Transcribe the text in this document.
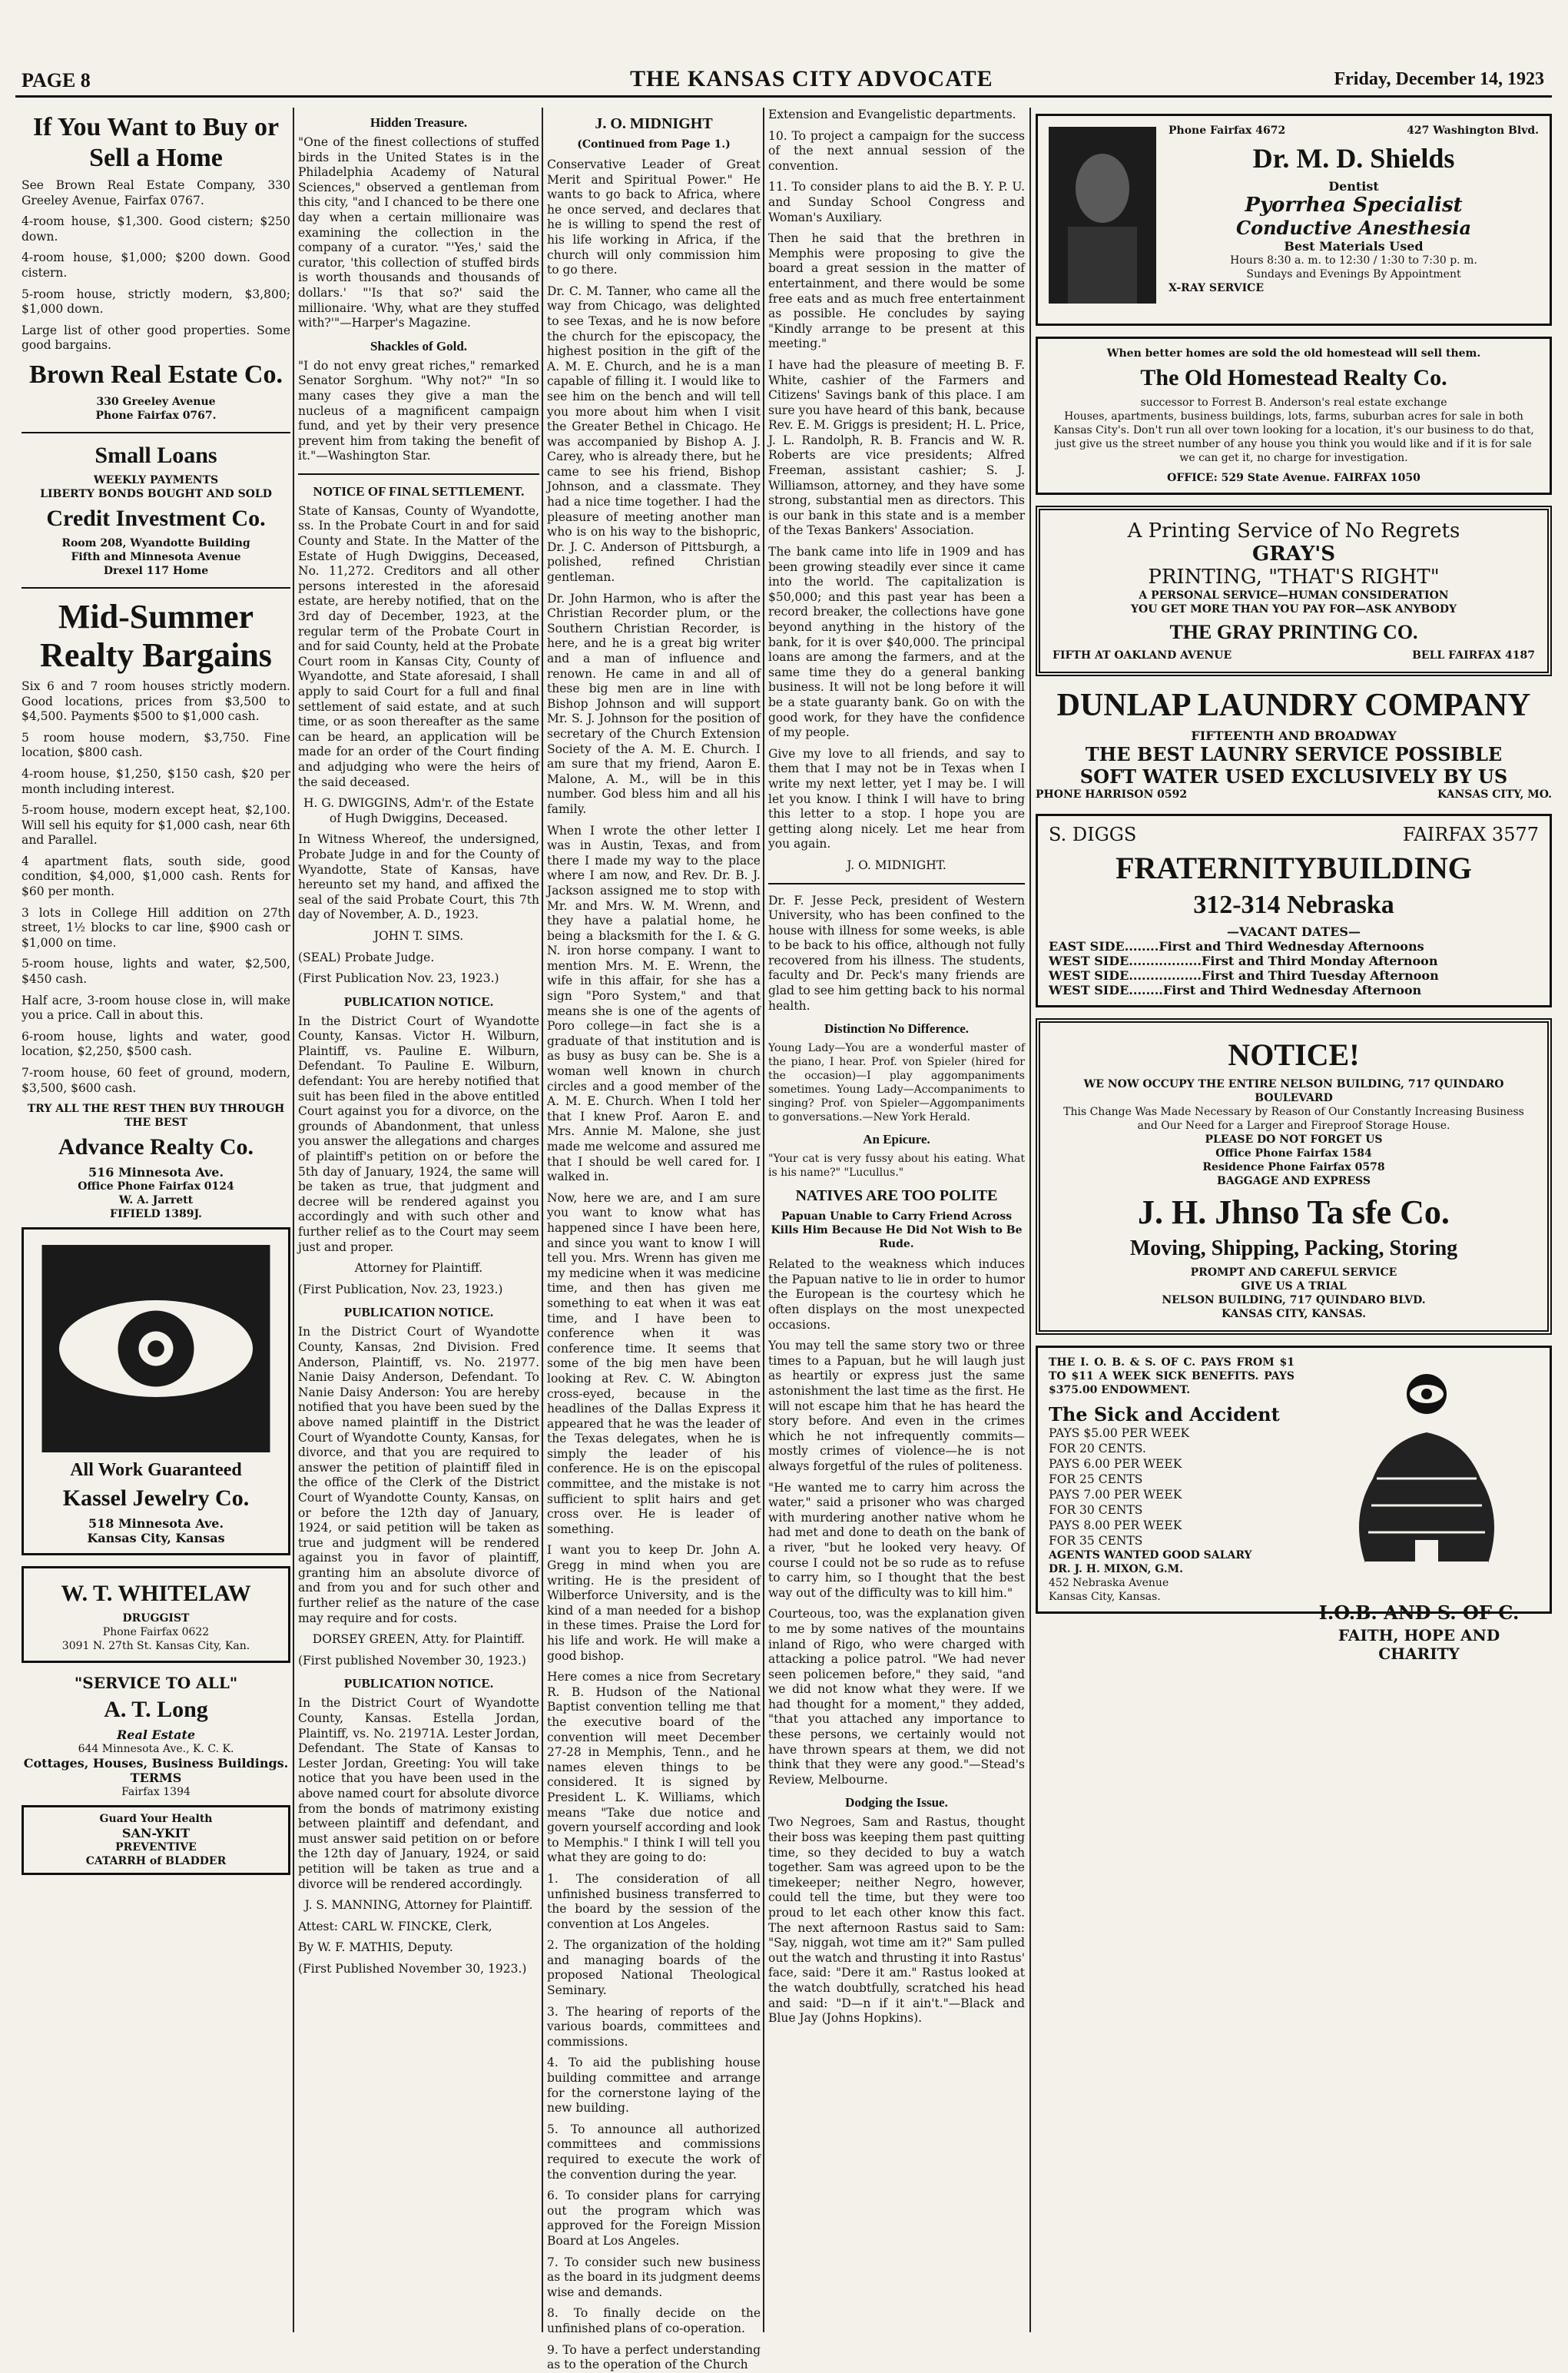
PAGE 8	THE KANSAS CITY ADVOCATE	Friday, December 14, 1923
If You Want to Buy or Sell a Home

See Brown Real Estate Company, 330 Greeley Avenue, Fairfax 0767.

4-room house, $1,300. Good cistern; $250 down.

4-room house, $1,000; $200 down. Good cistern.

5-room house, strictly modern, $3,800; $1,000 down.

Large list of other good properties. Some good bargains.

Brown Real Estate Co.
330 Greeley Avenue
Phone Fairfax 0767.
Small Loans
WEEKLY PAYMENTS
LIBERTY BONDS BOUGHT AND SOLD
Credit Investment Co.
Room 208, Wyandotte Building
Fifth and Minnesota Avenue
Drexel 117 Home
Mid-Summer Realty Bargains

Six 6 and 7 room houses strictly modern. Good locations, prices from $3,500 to $4,500. Payments $500 to $1,000 cash.

5 room house modern, $3,750. Fine location, $800 cash.

4-room house, $1,250, $150 cash, $20 per month including interest.

5-room house, modern except heat, $2,100. Will sell his equity for $1,000 cash, near 6th and Parallel.

4 apartment flats, south side, good condition, $4,000, $1,000 cash. Rents for $60 per month.

3 lots in College Hill addition on 27th street, 1½ blocks to car line, $900 cash or $1,000 on time.

5-room house, lights and water, $2,500, $450 cash.

Half acre, 3-room house close in, will make you a price. Call in about this.

6-room house, lights and water, good location, $2,250, $500 cash.

7-room house, 60 feet of ground, modern, $3,500, $600 cash.

TRY ALL THE REST THEN BUY THROUGH THE BEST
Advance Realty Co.
516 Minnesota Ave.
Office Phone Fairfax 0124
W. A. Jarrett
FIFIELD 1389J.
All Work Guaranteed
Kassel Jewelry Co.
518 Minnesota Ave.
Kansas City, Kansas
W. T. WHITELAW
DRUGGIST
Phone Fairfax 0622
3091 N. 27th St. Kansas City, Kan.
"SERVICE TO ALL"
A. T. Long
Real Estate
644 Minnesota Ave., K. C. K.
Cottages, Houses, Business Buildings. TERMS
Fairfax 1394
Guard Your Health
SAN-YKIT
PREVENTIVE
CATARRH of BLADDER
Hidden Treasure.

"One of the finest collections of stuffed birds in the United States is in the Philadelphia Academy of Natural Sciences," observed a gentleman from this city, "and I chanced to be there one day when a certain millionaire was examining the collection in the company of a curator. "'Yes,' said the curator, 'this collection of stuffed birds is worth thousands and thousands of dollars.' "'Is that so?' said the millionaire. 'Why, what are they stuffed with?'"—Harper's Magazine.

Shackles of Gold.

"I do not envy great riches," remarked Senator Sorghum. "Why not?" "In so many cases they give a man the nucleus of a magnificent campaign fund, and yet by their very presence prevent him from taking the benefit of it."—Washington Star.

NOTICE OF FINAL SETTLEMENT.

State of Kansas, County of Wyandotte, ss. In the Probate Court in and for said County and State. In the Matter of the Estate of Hugh Dwiggins, Deceased, No. 11,272. Creditors and all other persons interested in the aforesaid estate, are hereby notified, that on the 3rd day of December, 1923, at the regular term of the Probate Court in and for said County, held at the Probate Court room in Kansas City, County of Wyandotte, and State aforesaid, I shall apply to said Court for a full and final settlement of said estate, and at such time, or as soon thereafter as the same can be heard, an application will be made for an order of the Court finding and adjudging who were the heirs of the said deceased.

H. G. DWIGGINS, Adm'r. of the Estate of Hugh Dwiggins, Deceased.

In Witness Whereof, the undersigned, Probate Judge in and for the County of Wyandotte, State of Kansas, have hereunto set my hand, and affixed the seal of the said Probate Court, this 7th day of November, A. D., 1923.

JOHN T. SIMS.

(SEAL) Probate Judge.

(First Publication Nov. 23, 1923.)

PUBLICATION NOTICE.

In the District Court of Wyandotte County, Kansas. Victor H. Wilburn, Plaintiff, vs. Pauline E. Wilburn, Defendant. To Pauline E. Wilburn, defendant: You are hereby notified that suit has been filed in the above entitled Court against you for a divorce, on the grounds of Abandonment, that unless you answer the allegations and charges of plaintiff's petition on or before the 5th day of January, 1924, the same will be taken as true, that judgment and decree will be rendered against you accordingly and with such other and further relief as to the Court may seem just and proper.

Attorney for Plaintiff.

(First Publication, Nov. 23, 1923.)

PUBLICATION NOTICE.

In the District Court of Wyandotte County, Kansas, 2nd Division. Fred Anderson, Plaintiff, vs. No. 21977. Nanie Daisy Anderson, Defendant. To Nanie Daisy Anderson: You are hereby notified that you have been sued by the above named plaintiff in the District Court of Wyandotte County, Kansas, for divorce, and that you are required to answer the petition of plaintiff filed in the office of the Clerk of the District Court of Wyandotte County, Kansas, on or before the 12th day of January, 1924, or said petition will be taken as true and judgment will be rendered against you in favor of plaintiff, granting him an absolute divorce of and from you and for such other and further relief as the nature of the case may require and for costs.

DORSEY GREEN, Atty. for Plaintiff.

(First published November 30, 1923.)

PUBLICATION NOTICE.

In the District Court of Wyandotte County, Kansas. Estella Jordan, Plaintiff, vs. No. 21971A. Lester Jordan, Defendant. The State of Kansas to Lester Jordan, Greeting: You will take notice that you have been used in the above named court for absolute divorce from the bonds of matrimony existing between plaintiff and defendant, and must answer said petition on or before the 12th day of January, 1924, or said petition will be taken as true and a divorce will be rendered accordingly.

J. S. MANNING, Attorney for Plaintiff.

Attest: CARL W. FINCKE, Clerk,

By W. F. MATHIS, Deputy.

(First Published November 30, 1923.)

J. O. MIDNIGHT
(Continued from Page 1.)

Conservative Leader of Great Merit and Spiritual Power." He wants to go back to Africa, where he once served, and declares that he is willing to spend the rest of his life working in Africa, if the church will only commission him to go there.

Dr. C. M. Tanner, who came all the way from Chicago, was delighted to see Texas, and he is now before the church for the episcopacy, the highest position in the gift of the A. M. E. Church, and he is a man capable of filling it. I would like to see him on the bench and will tell you more about him when I visit the Greater Bethel in Chicago. He was accompanied by Bishop A. J. Carey, who is already there, but he came to see his friend, Bishop Johnson, and a classmate. They had a nice time together. I had the pleasure of meeting another man who is on his way to the bishopric, Dr. J. C. Anderson of Pittsburgh, a polished, refined Christian gentleman.

Dr. John Harmon, who is after the Christian Recorder plum, or the Southern Christian Recorder, is here, and he is a great big writer and a man of influence and renown. He came in and all of these big men are in line with Bishop Johnson and will support Mr. S. J. Johnson for the position of secretary of the Church Extension Society of the A. M. E. Church. I am sure that my friend, Aaron E. Malone, A. M., will be in this number. God bless him and all his family.

When I wrote the other letter I was in Austin, Texas, and from there I made my way to the place where I am now, and Rev. Dr. B. J. Jackson assigned me to stop with Mr. and Mrs. W. M. Wrenn, and they have a palatial home, he being a blacksmith for the I. & G. N. iron horse company. I want to mention Mrs. M. E. Wrenn, the wife in this affair, for she has a sign "Poro System," and that means she is one of the agents of Poro college—in fact she is a graduate of that institution and is as busy as busy can be. She is a woman well known in church circles and a good member of the A. M. E. Church. When I told her that I knew Prof. Aaron E. and Mrs. Annie M. Malone, she just made me welcome and assured me that I should be well cared for. I walked in.

Now, here we are, and I am sure you want to know what has happened since I have been here, and since you want to know I will tell you. Mrs. Wrenn has given me my medicine when it was medicine time, and then has given me something to eat when it was eat time, and I have been to conference when it was conference time. It seems that some of the big men have been looking at Rev. C. W. Abington cross-eyed, because in the headlines of the Dallas Express it appeared that he was the leader of the Texas delegates, when he is simply the leader of his conference. He is on the episcopal committee, and the mistake is not sufficient to split hairs and get cross over. He is leader of something.

I want you to keep Dr. John A. Gregg in mind when you are writing. He is the president of Wilberforce University, and is the kind of a man needed for a bishop in these times. Praise the Lord for his life and work. He will make a good bishop.

Here comes a nice from Secretary R. B. Hudson of the National Baptist convention telling me that the executive board of the convention will meet December 27-28 in Memphis, Tenn., and he names eleven things to be considered. It is signed by President L. K. Williams, which means "Take due notice and govern yourself according and look to Memphis." I think I will tell you what they are going to do:

1. The consideration of all unfinished business transferred to the board by the session of the convention at Los Angeles.

2. The organization of the holding and managing boards of the proposed National Theological Seminary.

3. The hearing of reports of the various boards, committees and commissions.

4. To aid the publishing house building committee and arrange for the cornerstone laying of the new building.

5. To announce all authorized committees and commissions required to execute the work of the convention during the year.

6. To consider plans for carrying out the program which was approved for the Foreign Mission Board at Los Angeles.

7. To consider such new business as the board in its judgment deems wise and demands.

8. To finally decide on the unfinished plans of co-operation.

9. To have a perfect understanding as to the operation of the Church

Extension and Evangelistic departments.

10. To project a campaign for the success of the next annual session of the convention.

11. To consider plans to aid the B. Y. P. U. and Sunday School Congress and Woman's Auxiliary.

Then he said that the brethren in Memphis were proposing to give the board a great session in the matter of entertainment, and there would be some free eats and as much free entertainment as possible. He concludes by saying "Kindly arrange to be present at this meeting."

I have had the pleasure of meeting B. F. White, cashier of the Farmers and Citizens' Savings bank of this place. I am sure you have heard of this bank, because Rev. E. M. Griggs is president; H. L. Price, J. L. Randolph, R. B. Francis and W. R. Roberts are vice presidents; Alfred Freeman, assistant cashier; S. J. Williamson, attorney, and they have some strong, substantial men as directors. This is our bank in this state and is a member of the Texas Bankers' Association.

The bank came into life in 1909 and has been growing steadily ever since it came into the world. The capitalization is $50,000; and this past year has been a record breaker, the collections have gone beyond anything in the history of the bank, for it is over $40,000. The principal loans are among the farmers, and at the same time they do a general banking business. It will not be long before it will be a state guaranty bank. Go on with the good work, for they have the confidence of my people.

Give my love to all friends, and say to them that I may not be in Texas when I write my next letter, yet I may be. I will let you know. I think I will have to bring this letter to a stop. I hope you are getting along nicely. Let me hear from you again.

J. O. MIDNIGHT.

Dr. F. Jesse Peck, president of Western University, who has been confined to the house with illness for some weeks, is able to be back to his office, although not fully recovered from his illness. The students, faculty and Dr. Peck's many friends are glad to see him getting back to his normal health.

Distinction No Difference.

Young Lady—You are a wonderful master of the piano, I hear. Prof. von Spieler (hired for the occasion)—I play aggompaniments sometimes. Young Lady—Accompaniments to singing? Prof. von Spieler—Aggompaniments to gonversations.—New York Herald.

An Epicure.

"Your cat is very fussy about his eating. What is his name?" "Lucullus."

NATIVES ARE TOO POLITE
Papuan Unable to Carry Friend Across Kills Him Because He Did Not Wish to Be Rude.

Related to the weakness which induces the Papuan native to lie in order to humor the European is the courtesy which he often displays on the most unexpected occasions.

You may tell the same story two or three times to a Papuan, but he will laugh just as heartily or express just the same astonishment the last time as the first. He will not escape him that he has heard the story before. And even in the crimes which he not infrequently commits—mostly crimes of violence—he is not always forgetful of the rules of politeness.

"He wanted me to carry him across the water," said a prisoner who was charged with murdering another native whom he had met and done to death on the bank of a river, "but he looked very heavy. Of course I could not be so rude as to refuse to carry him, so I thought that the best way out of the difficulty was to kill him."

Courteous, too, was the explanation given to me by some natives of the mountains inland of Rigo, who were charged with attacking a police patrol. "We had never seen policemen before," they said, "and we did not know what they were. If we had thought for a moment," they added, "that you attached any importance to these persons, we certainly would not have thrown spears at them, we did not think that they were any good."—Stead's Review, Melbourne.

Dodging the Issue.

Two Negroes, Sam and Rastus, thought their boss was keeping them past quitting time, so they decided to buy a watch together. Sam was agreed upon to be the timekeeper; neither Negro, however, could tell the time, but they were too proud to let each other know this fact. The next afternoon Rastus said to Sam: "Say, niggah, wot time am it?" Sam pulled out the watch and thrusting it into Rastus' face, said: "Dere it am." Rastus looked at the watch doubtfully, scratched his head and said: "D—n if it ain't."—Black and Blue Jay (Johns Hopkins).

Phone Fairfax 4672	427 Washington Blvd.
Dr. M. D. Shields
Dentist
Pyorrhea Specialist
Conductive Anesthesia
Best Materials Used
Hours 8:30 a. m. to 12:30 / 1:30 to 7:30 p. m.
Sundays and Evenings By Appointment
X-RAY SERVICE
When better homes are sold the old homestead will sell them.
The Old Homestead Realty Co.
successor to Forrest B. Anderson's real estate exchange

Houses, apartments, business buildings, lots, farms, suburban acres for sale in both Kansas City's. Don't run all over town looking for a location, it's our business to do that, just give us the street number of any house you think you would like and if it is for sale we can get it, no charge for investigation.

OFFICE: 529 State Avenue. FAIRFAX 1050
A Printing Service of No Regrets
GRAY'S
PRINTING, "THAT'S RIGHT"
A PERSONAL SERVICE—HUMAN CONSIDERATION
YOU GET MORE THAN YOU PAY FOR—ASK ANYBODY
THE GRAY PRINTING CO.
FIFTH AT OAKLAND AVENUE	BELL FAIRFAX 4187
DUNLAP LAUNDRY COMPANY
FIFTEENTH AND BROADWAY
THE BEST LAUNRY SERVICE POSSIBLE
SOFT WATER USED EXCLUSIVELY BY US
PHONE HARRISON 0592	KANSAS CITY, MO.
S. DIGGS	FAIRFAX 3577
FRATERNITYBUILDING
312-314 Nebraska
—VACANT DATES—
EAST SIDE........First and Third Wednesday Afternoons
WEST SIDE.................First and Third Monday Afternoon
WEST SIDE.................First and Third Tuesday Afternoon
WEST SIDE........First and Third Wednesday Afternoon
NOTICE!
WE NOW OCCUPY THE ENTIRE NELSON BUILDING, 717 QUINDARO BOULEVARD
This Change Was Made Necessary by Reason of Our Constantly Increasing Business and Our Need for a Larger and Fireproof Storage House.
PLEASE DO NOT FORGET US
Office Phone Fairfax 1584
Residence Phone Fairfax 0578
BAGGAGE AND EXPRESS
J. H. Jhnso Ta sfe Co.
Moving, Shipping, Packing, Storing
PROMPT AND CAREFUL SERVICE
GIVE US A TRIAL
NELSON BUILDING, 717 QUINDARO BLVD.
KANSAS CITY, KANSAS.

THE I. O. B. & S. OF C. PAYS FROM $1 TO $11 A WEEK SICK BENEFITS. PAYS $375.00 ENDOWMENT.

The Sick and Accident
PAYS $5.00 PER WEEK
FOR 20 CENTS.
PAYS 6.00 PER WEEK
FOR 25 CENTS
PAYS 7.00 PER WEEK
FOR 30 CENTS
PAYS 8.00 PER WEEK
FOR 35 CENTS
AGENTS WANTED GOOD SALARY
DR. J. H. MIXON, G.M.
452 Nebraska Avenue
Kansas City, Kansas.
I.O.B. AND S. OF C.
FAITH, HOPE AND CHARITY
